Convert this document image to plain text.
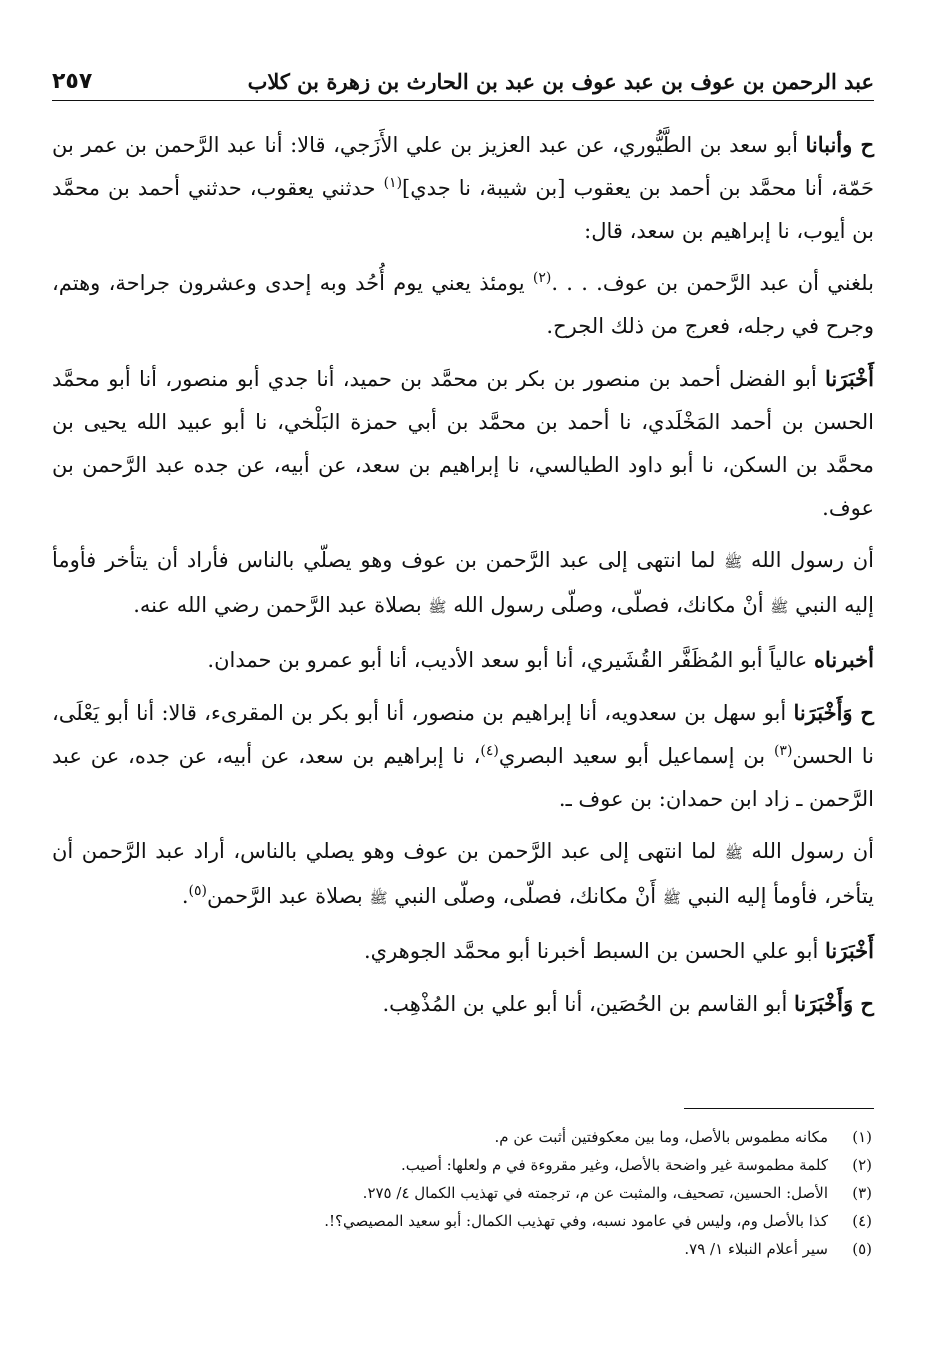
عبد الرحمن بن عوف بن عبد عوف بن عبد بن الحارث بن زهرة بن كلاب
٢٥٧

ح وأنبانا أبو سعد بن الطَّيُّوري، عن عبد العزيز بن علي الأَزَجي، قالا: أنا عبد الرَّحمن بن عمر بن حَمّة، أنا محمَّد بن أحمد بن يعقوب [بن شيبة، نا جدي]$^{(١)}$ حدثني يعقوب، حدثني أحمد بن محمَّد بن أيوب، نا إبراهيم بن سعد، قال:

بلغني أن عبد الرَّحمن بن عوف. . . .$^{(٢)}$ يومئذ يعني يوم أُحُد وبه إحدى وعشرون جراحة، وهتم، وجرح في رجله، فعرج من ذلك الجرح.

أَخْبَرَنا أبو الفضل أحمد بن منصور بن بكر بن محمَّد بن حميد، أنا جدي أبو منصور، أنا أبو محمَّد الحسن بن أحمد المَخْلَدي، نا أحمد بن محمَّد بن أبي حمزة البَلْخي، نا أبو عبيد الله يحيى بن محمَّد بن السكن، نا أبو داود الطيالسي، نا إبراهيم بن سعد، عن أبيه، عن جده عبد الرَّحمن بن عوف.

أن رسول الله ﷺ لما انتهى إلى عبد الرَّحمن بن عوف وهو يصلّي بالناس فأراد أن يتأخر فأومأ إليه النبي ﷺ أنْ مكانك، فصلّى، وصلّى رسول الله ﷺ بصلاة عبد الرَّحمن رضي الله عنه.

أخبرناه عالياً أبو المُظَفَّر القُشَيري، أنا أبو سعد الأديب، أنا أبو عمرو بن حمدان.

ح وَأَخْبَرَنا أبو سهل بن سعدويه، أنا إبراهيم بن منصور، أنا أبو بكر بن المقرىء، قالا: أنا أبو يَعْلَى، نا الحسن$^{(٣)}$ بن إسماعيل أبو سعيد البصري$^{(٤)}$، نا إبراهيم بن سعد، عن أبيه، عن جده، عن عبد الرَّحمن ـ زاد ابن حمدان: بن عوف ـ.

أن رسول الله ﷺ لما انتهى إلى عبد الرَّحمن بن عوف وهو يصلي بالناس، أراد عبد الرَّحمن أن يتأخر، فأومأ إليه النبي ﷺ أَنْ مكانك، فصلّى، وصلّى النبي ﷺ بصلاة عبد الرَّحمن$^{(٥)}$.

أَخْبَرَنا أبو علي الحسن بن السبط أخبرنا أبو محمَّد الجوهري.

ح وَأَخْبَرَنا أبو القاسم بن الحُصَين، أنا أبو علي بن المُذْهِب.

(١)
مكانه مطموس بالأصل، وما بين معكوفتين أثبت عن م.
(٢)
كلمة مطموسة غير واضحة بالأصل، وغير مقروءة في م ولعلها: أصيب.
(٣)
الأصل: الحسين، تصحيف، والمثبت عن م، ترجمته في تهذيب الكمال ٤/ ٢٧٥.
(٤)
كذا بالأصل وم، وليس في عامود نسبه، وفي تهذيب الكمال: أبو سعيد المصيصي؟!.
(٥)
سير أعلام النبلاء ١/ ٧٩.
